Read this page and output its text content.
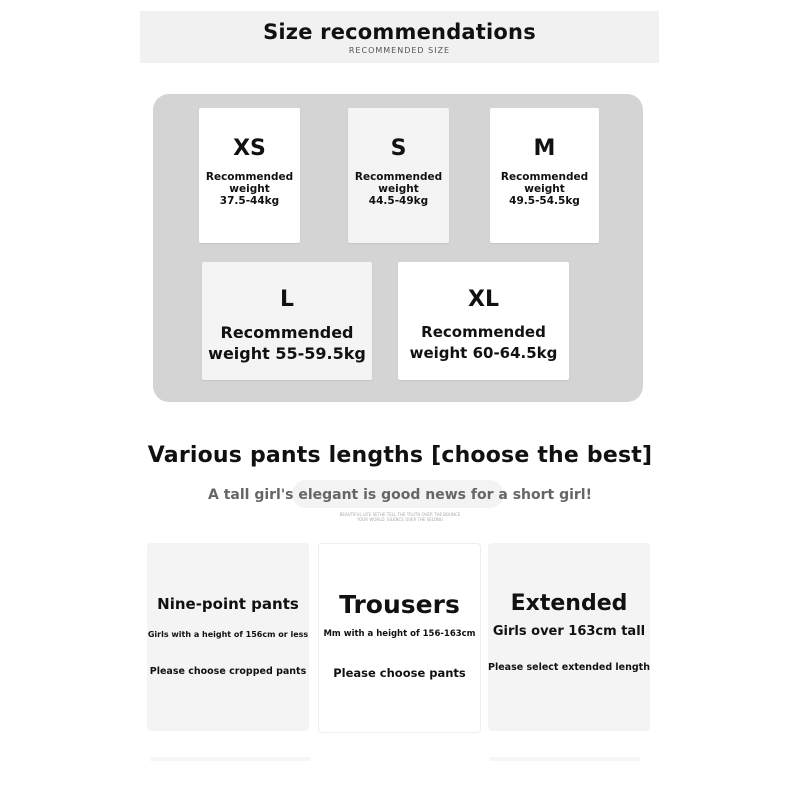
Size recommendations
RECOMMENDED SIZE
XS
Recommended
weight
37.5-44kg
S
Recommended
weight
44.5-49kg
M
Recommended
weight
49.5-54.5kg
L
Recommended
weight 55-59.5kg
XL
Recommended
weight 60-64.5kg
Various pants lengths [choose the best]
A tall girl's elegant is good news for a short girl!
BEAUTIFUL LIFE SETHE TELL THE TRUTH OVER THE BOUNCE
YOUR WORLD, SILENCE OVER THE SEIZING
Nine-point pants
Girls with a height of 156cm or less
Please choose cropped pants
Trousers
Mm with a height of 156-163cm
Please choose pants
Extended
Girls over 163cm tall
Please select extended length
